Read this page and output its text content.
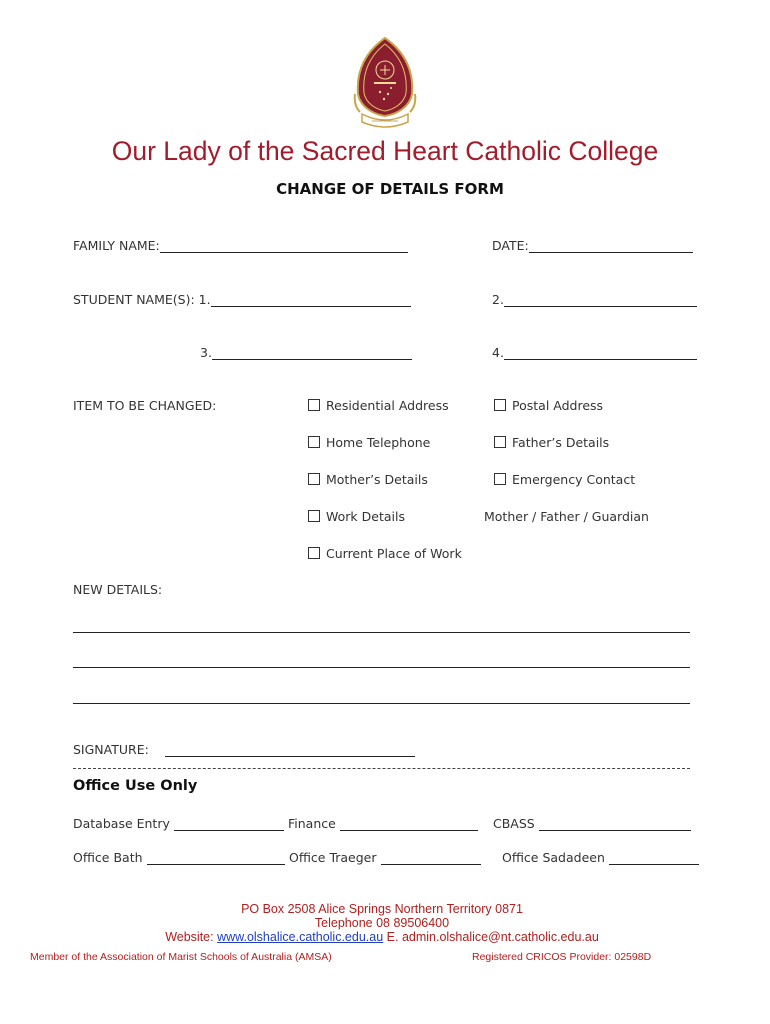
Our Lady of the Sacred Heart Catholic College
CHANGE OF DETAILS FORM
FAMILY NAME:	DATE:
STUDENT NAME(S): 1.	2.
3.	4.
ITEM TO BE CHANGED:	Residential Address	Postal Address
Home Telephone	Father’s Details
Mother’s Details	Emergency Contact
Work Details	Mother / Father / Guardian
Current Place of Work
NEW DETAILS:
SIGNATURE:
Office Use Only
Database Entry	Finance	CBASS
Office Bath	Office Traeger	Office Sadadeen
PO Box 2508 Alice Springs Northern Territory 0871
Telephone 08 89506400
Website: www.olshalice.catholic.edu.au E. admin.olshalice@nt.catholic.edu.au
Member of the Association of Marist Schools of Australia (AMSA)	Registered CRICOS Provider: 02598D
